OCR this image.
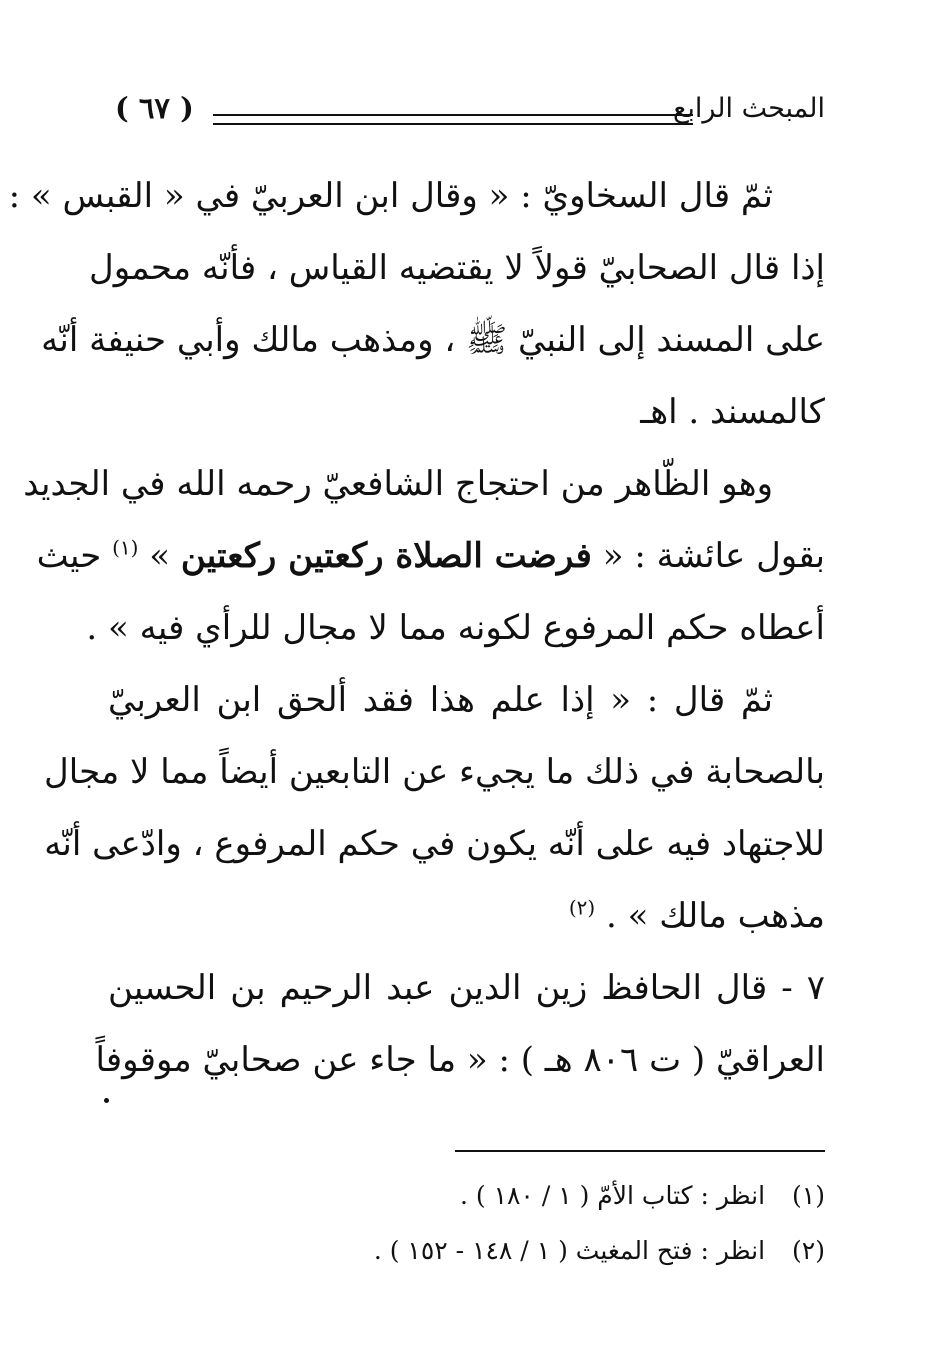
المبحث الرابع
( ٦٧ )
ثمّ قال السخاويّ : « وقال ابن العربيّ في « القبس » :
إذا قال الصحابيّ قولاً لا يقتضيه القياس ، فأنّه محمول
على المسند إلى النبيّ ﷺ ، ومذهب مالك وأبي حنيفة أنّه
كالمسند . اهـ
وهو الظّاهر من احتجاج الشافعيّ رحمه الله في الجديد
بقول عائشة : « فرضت الصلاة ركعتين ركعتين » $^{(١)}$ حيث
أعطاه حكم المرفوع لكونه مما لا مجال للرأي فيه » .
ثمّ قال : « إذا علم هذا فقد ألحق ابن العربيّ
بالصحابة في ذلك ما يجيء عن التابعين أيضاً مما لا مجال
للاجتهاد فيه على أنّه يكون في حكم المرفوع ، وادّعى أنّه
مذهب مالك » . $^{(٢)}$
٧ - قال الحافظ زين الدين عبد الرحيم بن الحسين
العراقيّ ( ت ٨٠٦ هـ ) : « ما جاء عن صحابيّ موقوفاً
(١) انظر : كتاب الأمّ ( ١ / ١٨٠ ) .
(٢) انظر : فتح المغيث ( ١ / ١٤٨ - ١٥٢ ) .
